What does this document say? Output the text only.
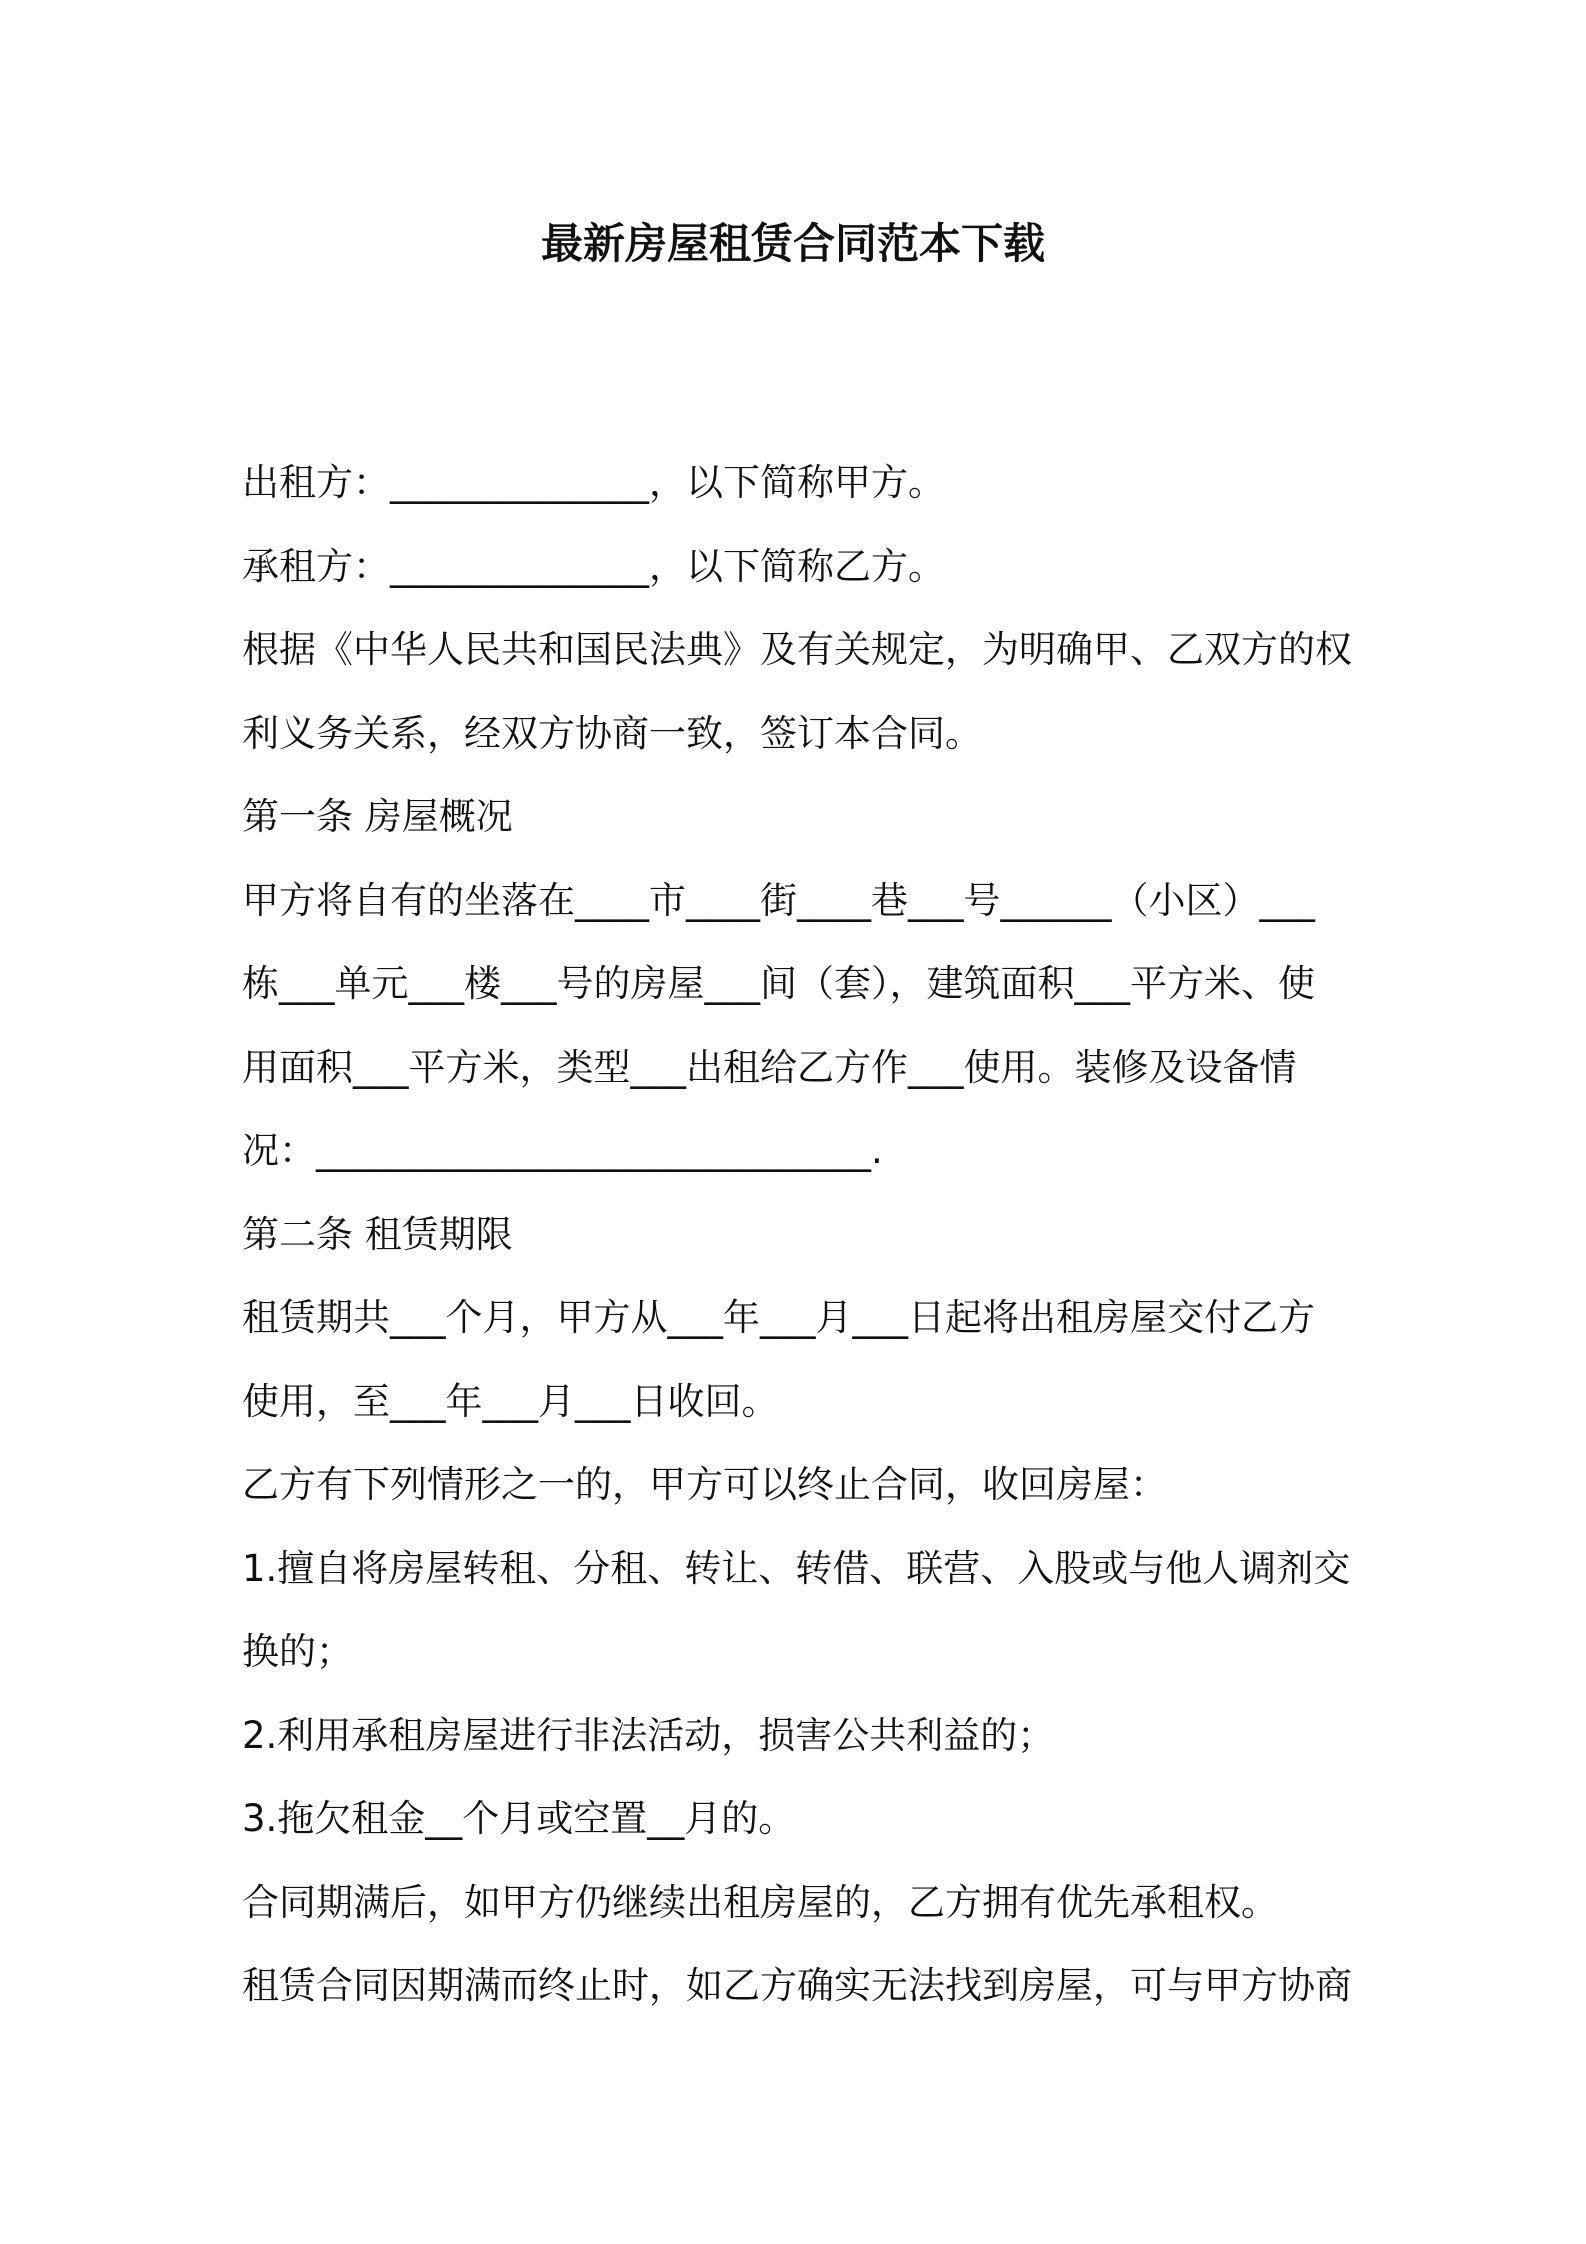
最新房屋租赁合同范本下载
出租方：______________，以下简称甲方。
承租方：______________，以下简称乙方。
根据《中华人民共和国民法典》及有关规定，为明确甲、乙双方的权
利义务关系，经双方协商一致，签订本合同。
第一条 房屋概况
甲方将自有的坐落在____市____街____巷___号______（小区）___
栋___单元___楼___号的房屋___间（套），建筑面积___平方米、使
用面积___平方米，类型___出租给乙方作___使用。装修及设备情
况：______________________________.
第二条 租赁期限
租赁期共___个月，甲方从___年___月___日起将出租房屋交付乙方
使用，至___年___月___日收回。
乙方有下列情形之一的，甲方可以终止合同，收回房屋：
1.擅自将房屋转租、分租、转让、转借、联营、入股或与他人调剂交
换的；
2.利用承租房屋进行非法活动，损害公共利益的；
3.拖欠租金__个月或空置__月的。
合同期满后，如甲方仍继续出租房屋的，乙方拥有优先承租权。
租赁合同因期满而终止时，如乙方确实无法找到房屋，可与甲方协商
